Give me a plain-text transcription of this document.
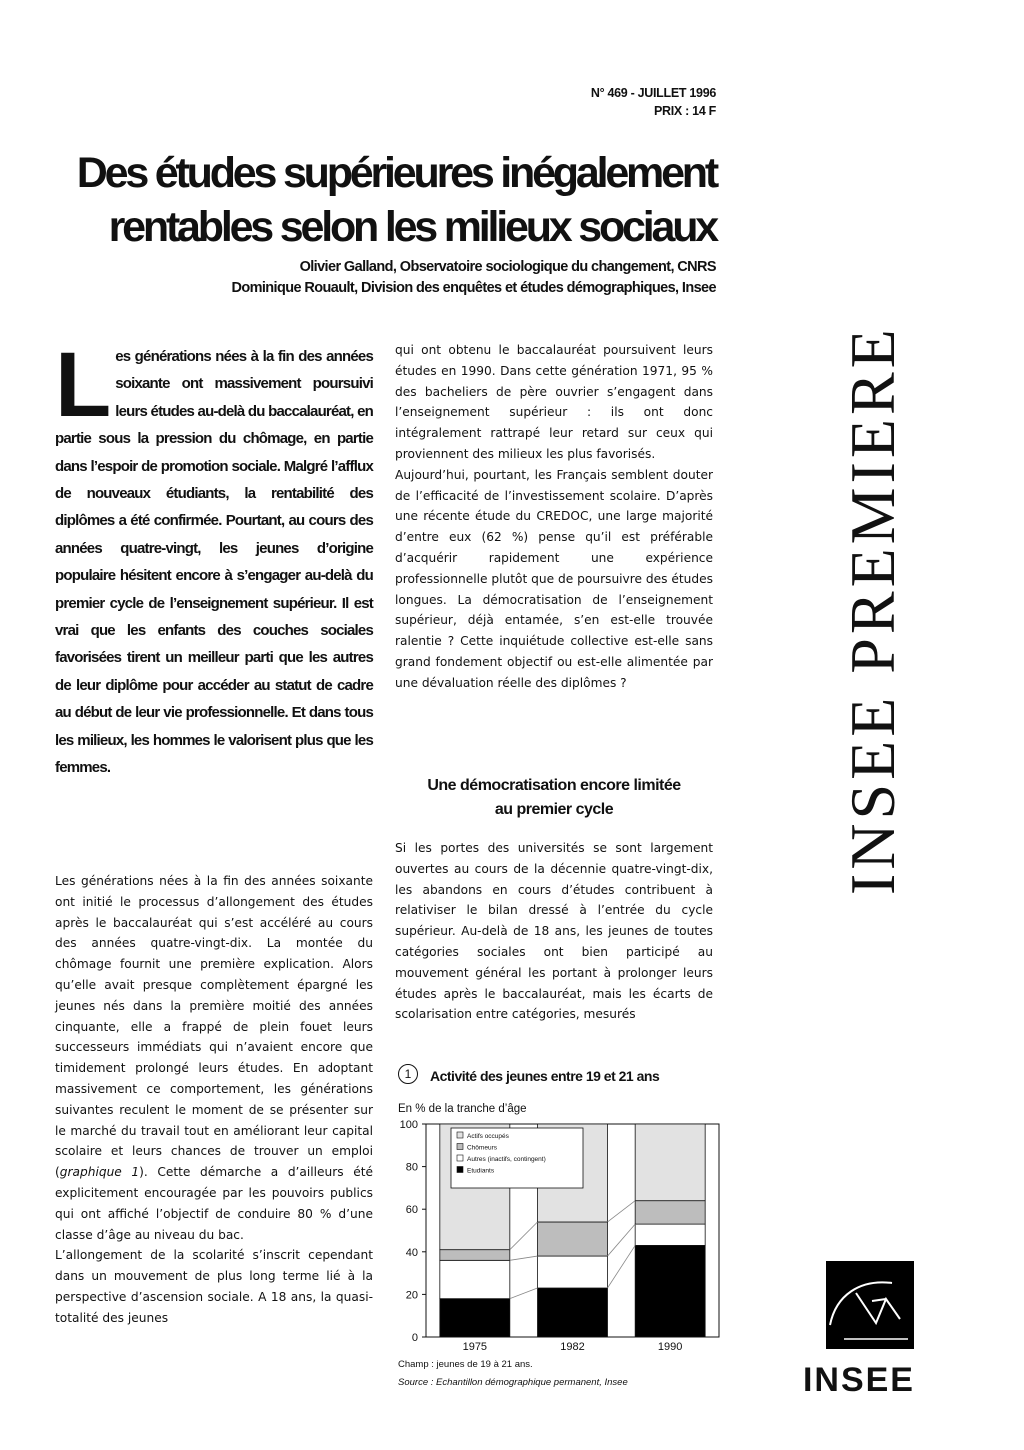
N° 469 - JUILLET 1996
PRIX : 14 F
Des études supérieures inégalement
rentables selon les milieux sociaux
Olivier Galland, Observatoire sociologique du changement, CNRS
Dominique Rouault, Division des enquêtes et études démographiques, Insee
Les générations nées à la fin des années soixante ont massivement poursuivi leurs études au-delà du baccalauréat, en partie sous la pression du chômage, en partie dans l’espoir de promotion sociale. Malgré l’afflux de nouveaux étudiants, la rentabilité des diplômes a été confirmée. Pourtant, au cours des années quatre-vingt, les jeunes d’origine populaire hésitent encore à s’engager au-delà du premier cycle de l’enseignement supérieur. Il est vrai que les enfants des couches sociales favorisées tirent un meilleur parti que les autres de leur diplôme pour accéder au statut de cadre au début de leur vie professionnelle. Et dans tous les milieux, les hommes le valorisent plus que les femmes.

Les générations nées à la fin des années soixante ont initié le processus d’allongement des études après le baccalauréat qui s’est accéléré au cours des années quatre-vingt-dix. La montée du chômage fournit une première explication. Alors qu’elle avait presque complètement épargné les jeunes nés dans la première moitié des années cinquante, elle a frappé de plein fouet leurs successeurs immédiats qui n’avaient encore que timidement prolongé leurs études. En adoptant massivement ce comportement, les générations suivantes reculent le moment de se présenter sur le marché du travail tout en améliorant leur capital scolaire et leurs chances de trouver un emploi (graphique 1). Cette démarche a d’ailleurs été explicitement encouragée par les pouvoirs publics qui ont affiché l’objectif de conduire 80 % d’une classe d’âge au niveau du bac.

L’allongement de la scolarité s’inscrit cependant dans un mouvement de plus long terme lié à la perspective d’ascension sociale. A 18 ans, la quasi-totalité des jeunes

qui ont obtenu le baccalauréat poursuivent leurs études en 1990. Dans cette génération 1971, 95 % des bacheliers de père ouvrier s’engagent dans l’enseignement supérieur : ils ont donc intégralement rattrapé leur retard sur ceux qui proviennent des milieux les plus favorisés.

Aujourd’hui, pourtant, les Français semblent douter de l’efficacité de l’investissement scolaire. D’après une récente étude du CREDOC, une large majorité d’entre eux (62 %) pense qu’il est préférable d’acquérir rapidement une expérience professionnelle plutôt que de poursuivre des études longues. La démocratisation de l’enseignement supérieur, déjà entamée, s’en est-elle trouvée ralentie ? Cette inquiétude collective est-elle sans grand fondement objectif ou est-elle alimentée par une dévaluation réelle des diplômes ?

Une démocratisation encore limitée
au premier cycle

Si les portes des universités se sont largement ouvertes au cours de la décennie quatre-vingt-dix, les abandons en cours d’études contribuent à relativiser le bilan dressé à l’entrée du cycle supérieur. Au-delà de 18 ans, les jeunes de toutes catégories sociales ont bien participé au mouvement général les portant à prolonger leurs études après le baccalauréat, mais les écarts de scolarisation entre catégories, mesurés

1	Activité des jeunes entre 19 et 21 ans
En % de la tranche d’âge
0
20
40
60
80
100
1975	1982	1990
Actifs occupés
Chômeurs
Autres (inactifs, contingent)
Etudiants
Champ : jeunes de 19 à 21 ans.
Source : Echantillon démographique permanent, Insee
INSEE PREMIERE
INSEE
